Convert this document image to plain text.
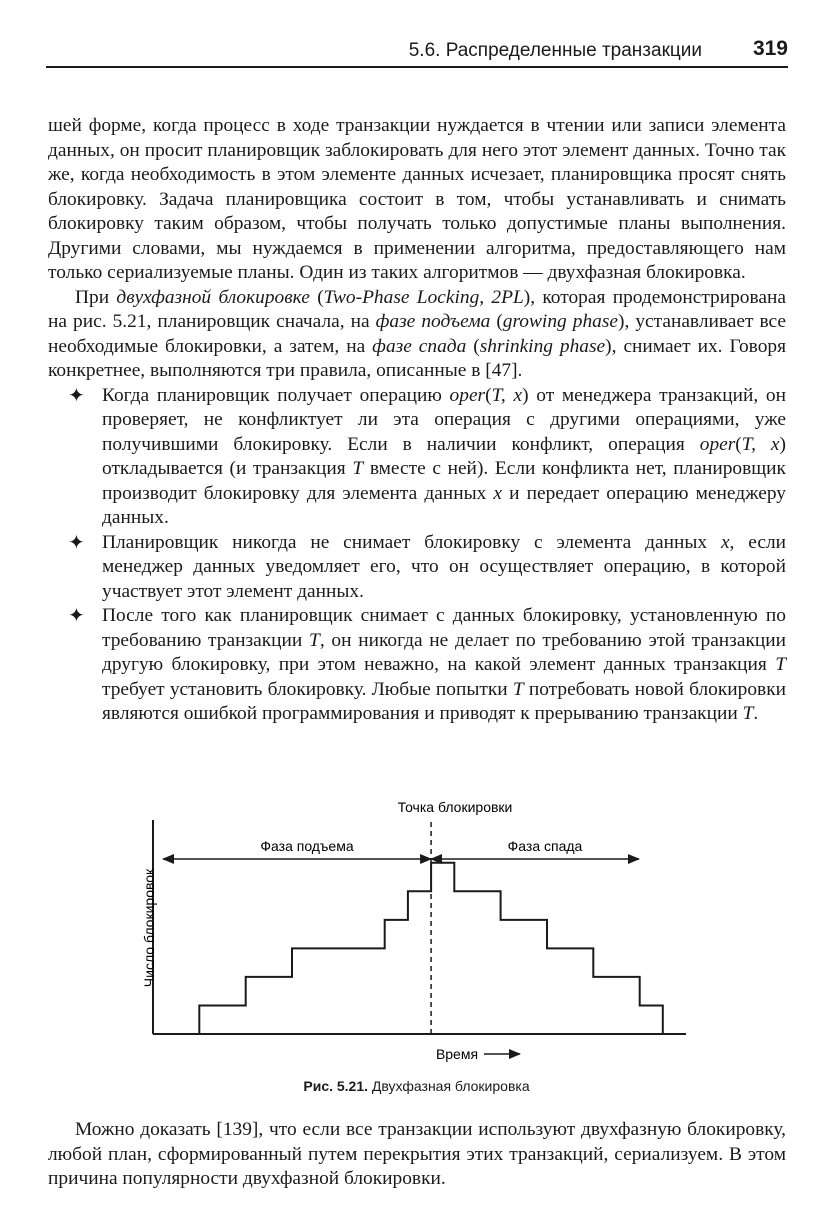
5.6. Распределенные транзакции 319

шей форме, когда процесс в ходе транзакции нуждается в чтении или записи элемента данных, он просит планировщик заблокировать для него этот элемент данных. Точно так же, когда необходимость в этом элементе данных исчезает, планировщика просят снять блокировку. Задача планировщика состоит в том, чтобы устанавливать и снимать блокировку таким образом, чтобы получать только допустимые планы выполнения. Другими словами, мы нуждаемся в применении алгоритма, предоставляющего нам только сериализуемые планы. Один из таких алгоритмов — двухфазная блокировка.

При двухфазной блокировке (Two-Phase Locking, 2PL), которая продемонстрирована на рис. 5.21, планировщик сначала, на фазе подъема (growing phase), устанавливает все необходимые блокировки, а затем, на фазе спада (shrinking phase), снимает их. Говоря конкретнее, выполняются три правила, описанные в [47].

✦ Когда планировщик получает операцию oper(T, x) от менеджера транзакций, он проверяет, не конфликтует ли эта операция с другими операциями, уже получившими блокировку. Если в наличии конфликт, операция oper(T, x) откладывается (и транзакция T вместе с ней). Если конфликта нет, планировщик производит блокировку для элемента данных x и передает операцию менеджеру данных.
✦ Планировщик никогда не снимает блокировку с элемента данных x, если менеджер данных уведомляет его, что он осуществляет операцию, в которой участвует этот элемент данных.
✦ После того как планировщик снимает с данных блокировку, установленную по требованию транзакции T, он никогда не делает по требованию этой транзакции другую блокировку, при этом неважно, на какой элемент данных транзакция T требует установить блокировку. Любые попытки T потребовать новой блокировки являются ошибкой программирования и приводят к прерыванию транзакции T.
Число блокировок
Точка блокировки
Фаза подъема	Фаза спада
Время
Рис. 5.21. Двухфазная блокировка

Можно доказать [139], что если все транзакции используют двухфазную блокировку, любой план, сформированный путем перекрытия этих транзакций, сериализуем. В этом причина популярности двухфазной блокировки.
